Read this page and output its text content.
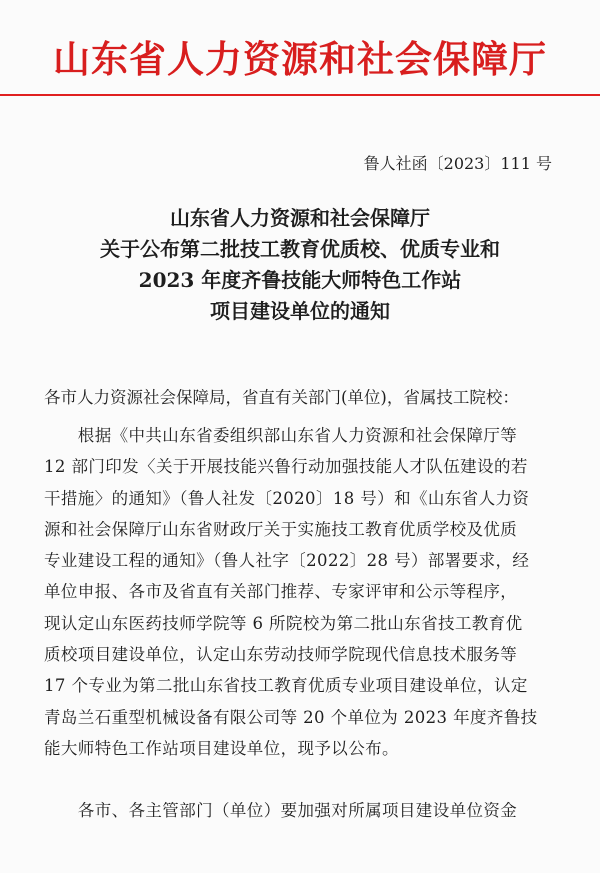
山东省人力资源和社会保障厅
鲁人社函〔2023〕111 号
山东省人力资源和社会保障厅
关于公布第二批技工教育优质校、优质专业和
2023 年度齐鲁技能大师特色工作站
项目建设单位的通知
各市人力资源社会保障局，省直有关部门(单位)，省属技工院校：
　　根据《中共山东省委组织部山东省人力资源和社会保障厅等
12 部门印发〈关于开展技能兴鲁行动加强技能人才队伍建设的若
干措施〉的通知》（鲁人社发〔2020〕18 号）和《山东省人力资
源和社会保障厅山东省财政厅关于实施技工教育优质学校及优质
专业建设工程的通知》（鲁人社字〔2022〕28 号）部署要求，经
单位申报、各市及省直有关部门推荐、专家评审和公示等程序，
现认定山东医药技师学院等 6 所院校为第二批山东省技工教育优
质校项目建设单位，认定山东劳动技师学院现代信息技术服务等
17 个专业为第二批山东省技工教育优质专业项目建设单位，认定
青岛兰石重型机械设备有限公司等 20 个单位为 2023 年度齐鲁技
能大师特色工作站项目建设单位，现予以公布。
　　各市、各主管部门（单位）要加强对所属项目建设单位资金
